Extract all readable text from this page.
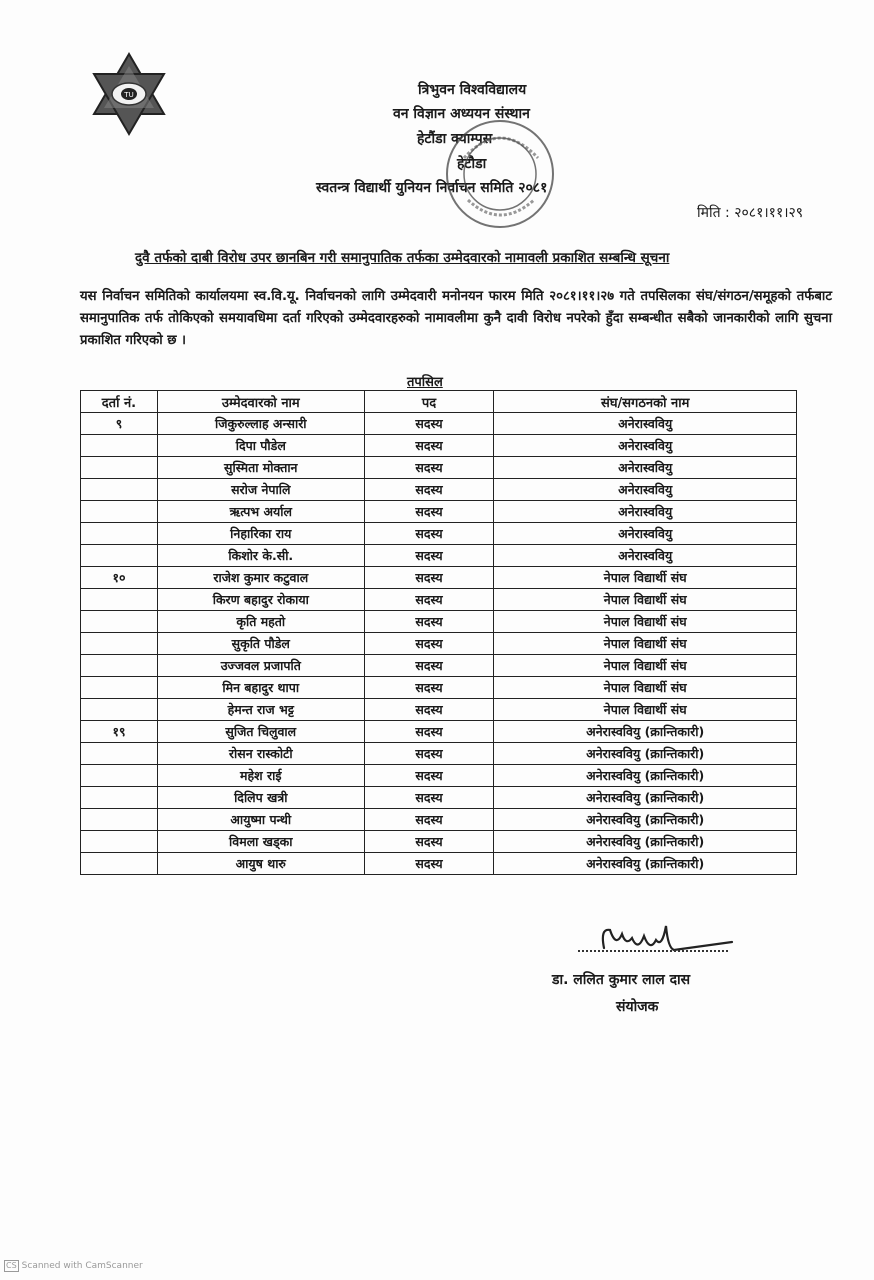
TU	त्रिभुवन विश्वविद्यालय
वन विज्ञान अध्ययन संस्थान
हेटौंडा क्याम्पस
हेटौडा
स्वतन्त्र विद्यार्थी युनियन निर्वाचन समिति २०८१
मिति : २०८१।११।२९
दुवै तर्फको दाबी विरोध उपर छानबिन गरी समानुपातिक तर्फका उम्मेदवारको नामावली प्रकाशित सम्बन्धि सूचना
यस निर्वाचन समितिको कार्यालयमा स्व.वि.यू. निर्वाचनको लागि उम्मेदवारी मनोनयन फारम मिति २०८१।११।२७ गते तपसिलका संघ/संगठन/समूहको तर्फबाट समानुपातिक तर्फ तोकिएको समयावधिमा दर्ता गरिएको उम्मेदवारहरुको नामावलीमा कुनै दावी विरोध नपरेको हुँदा सम्बन्धीत सबैको जानकारीको लागि सुचना प्रकाशित गरिएको छ ।
तपसिल
दर्ता नं.	उम्मेदवारको नाम	पद	संघ/सगठनको नाम
९	जिकुरुल्लाह अन्सारी	सदस्य	अनेरास्ववियु
	दिपा पौडेल	सदस्य	अनेरास्ववियु
	सुस्मिता मोक्तान	सदस्य	अनेरास्ववियु
	सरोज नेपालि	सदस्य	अनेरास्ववियु
	ऋत्पभ अर्याल	सदस्य	अनेरास्ववियु
	निहारिका राय	सदस्य	अनेरास्ववियु
	किशोर के.सी.	सदस्य	अनेरास्ववियु
१०	राजेश कुमार कटुवाल	सदस्य	नेपाल विद्यार्थी संघ
	किरण बहादुर रोकाया	सदस्य	नेपाल विद्यार्थी संघ
	कृति महतो	सदस्य	नेपाल विद्यार्थी संघ
	सुकृति पौडेल	सदस्य	नेपाल विद्यार्थी संघ
	उज्जवल प्रजापति	सदस्य	नेपाल विद्यार्थी संघ
	मिन बहादुर थापा	सदस्य	नेपाल विद्यार्थी संघ
	हेमन्त राज भट्ट	सदस्य	नेपाल विद्यार्थी संघ
१९	सुजित चिलुवाल	सदस्य	अनेरास्ववियु (क्रान्तिकारी)
	रोसन रास्कोटी	सदस्य	अनेरास्ववियु (क्रान्तिकारी)
	महेश राई	सदस्य	अनेरास्ववियु (क्रान्तिकारी)
	दिलिप खत्री	सदस्य	अनेरास्ववियु (क्रान्तिकारी)
	आयुष्मा पन्थी	सदस्य	अनेरास्ववियु (क्रान्तिकारी)
	विमला खड्का	सदस्य	अनेरास्ववियु (क्रान्तिकारी)
	आयुष थारु	सदस्य	अनेरास्ववियु (क्रान्तिकारी)
डा. ललित कुमार लाल दास
संयोजक
CS Scanned with CamScanner
